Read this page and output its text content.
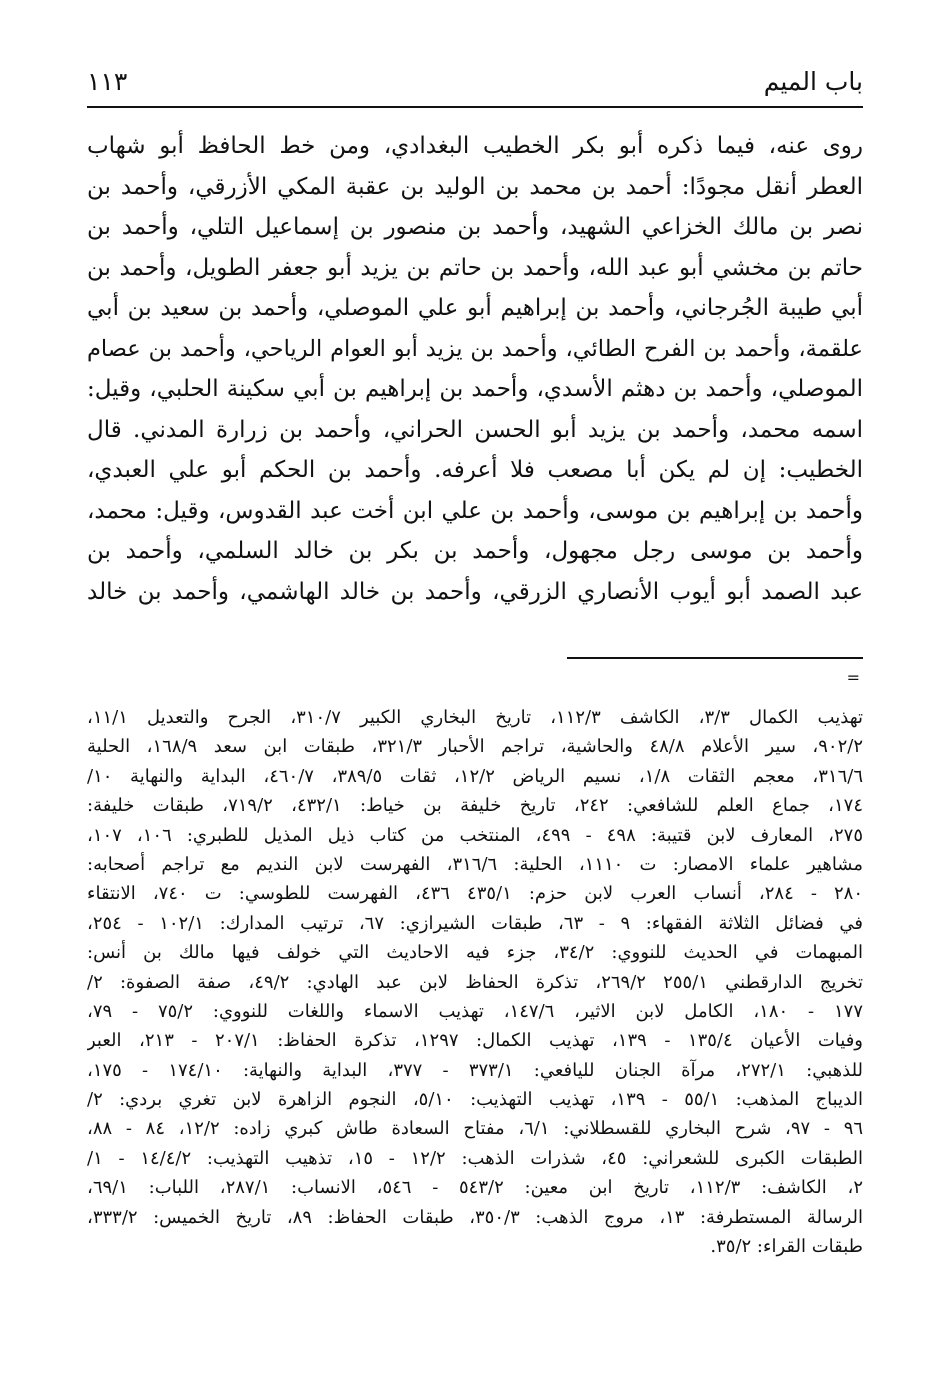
باب الميم
١١٣
روى عنه، فيما ذكره أبو بكر الخطيب البغدادي، ومن خط الحافظ أبو شهاب
العطر أنقل مجودًا: أحمد بن محمد بن الوليد بن عقبة المكي الأزرقي، وأحمد بن
نصر بن مالك الخزاعي الشهيد، وأحمد بن منصور بن إسماعيل التلي، وأحمد بن
حاتم بن مخشي أبو عبد الله، وأحمد بن حاتم بن يزيد أبو جعفر الطويل، وأحمد بن
أبي طيبة الجُرجاني، وأحمد بن إبراهيم أبو علي الموصلي، وأحمد بن سعيد بن أبي
علقمة، وأحمد بن الفرح الطائي، وأحمد بن يزيد أبو العوام الرياحي، وأحمد بن عصام
الموصلي، وأحمد بن دهثم الأسدي، وأحمد بن إبراهيم بن أبي سكينة الحلبي، وقيل:
اسمه محمد، وأحمد بن يزيد أبو الحسن الحراني، وأحمد بن زرارة المدني. قال
الخطيب: إن لم يكن أبا مصعب فلا أعرفه. وأحمد بن الحكم أبو علي العبدي،
وأحمد بن إبراهيم بن موسى، وأحمد بن علي ابن أخت عبد القدوس، وقيل: محمد،
وأحمد بن موسى رجل مجهول، وأحمد بن بكر بن خالد السلمي، وأحمد بن
عبد الصمد أبو أيوب الأنصاري الزرقي، وأحمد بن خالد الهاشمي، وأحمد بن خالد
=
تهذيب الكمال ٣/٣، الكاشف ١١٢/٣، تاريخ البخاري الكبير ٣١٠/٧، الجرح والتعديل ١١/١،
٩٠٢/٢، سير الأعلام ٤٨/٨ والحاشية، تراجم الأحبار ٣٢١/٣، طبقات ابن سعد ١٦٨/٩، الحلية
٣١٦/٦، معجم الثقات ١/٨، نسيم الرياض ١٢/٢، ثقات ٣٨٩/٥، ٤٦٠/٧، البداية والنهاية ١٠/
١٧٤، جماع العلم للشافعي: ٢٤٢، تاريخ خليفة بن خياط: ٤٣٢/١، ٧١٩/٢، طبقات خليفة:
٢٧٥، المعارف لابن قتيبة: ٤٩٨ - ٤٩٩، المنتخب من كتاب ذيل المذيل للطبري: ١٠٦، ١٠٧،
مشاهير علماء الامصار: ت ١١١٠، الحلية: ٣١٦/٦، الفهرست لابن النديم مع تراجم أصحابه:
٢٨٠ - ٢٨٤، أنساب العرب لابن حزم: ٤٣٥/١ ٤٣٦، الفهرست للطوسي: ت ٧٤٠، الانتقاء
في فضائل الثلاثة الفقهاء: ٩ - ٦٣، طبقات الشيرازي: ٦٧، ترتيب المدارك: ١٠٢/١ - ٢٥٤،
المبهمات في الحديث للنووي: ٣٤/٢، جزء فيه الاحاديث التي خولف فيها مالك بن أنس:
تخريج الدارقطني ٢٥٥/١ ٢٦٩/٢، تذكرة الحفاظ لابن عبد الهادي: ٤٩/٢، صفة الصفوة: ٢/
١٧٧ - ١٨٠، الكامل لابن الاثير، ١٤٧/٦، تهذيب الاسماء واللغات للنووي: ٧٥/٢ - ٧٩،
وفيات الأعيان ١٣٥/٤ - ١٣٩، تهذيب الكمال: ١٢٩٧، تذكرة الحفاظ: ٢٠٧/١ - ٢١٣، العبر
للذهبي: ٢٧٢/١، مرآة الجنان لليافعي: ٣٧٣/١ - ٣٧٧، البداية والنهاية: ١٧٤/١٠ - ١٧٥،
الديباج المذهب: ٥٥/١ - ١٣٩، تهذيب التهذيب: ٥/١٠، النجوم الزاهرة لابن تغري بردي: ٢/
٩٦ - ٩٧، شرح البخاري للقسطلاني: ٦/١، مفتاح السعادة طاش كبري زاده: ١٢/٢، ٨٤ - ٨٨،
الطبقات الكبرى للشعراني: ٤٥، شذرات الذهب: ١٢/٢ - ١٥، تذهيب التهذيب: ١٤/٤/٢ - ١/
٢، الكاشف: ١١٢/٣، تاريخ ابن معين: ٥٤٣/٢ - ٥٤٦، الانساب: ٢٨٧/١، اللباب: ٦٩/١،
الرسالة المستطرفة: ١٣، مروج الذهب: ٣٥٠/٣، طبقات الحفاظ: ٨٩، تاريخ الخميس: ٣٣٣/٢،
طبقات القراء: ٣٥/٢.
